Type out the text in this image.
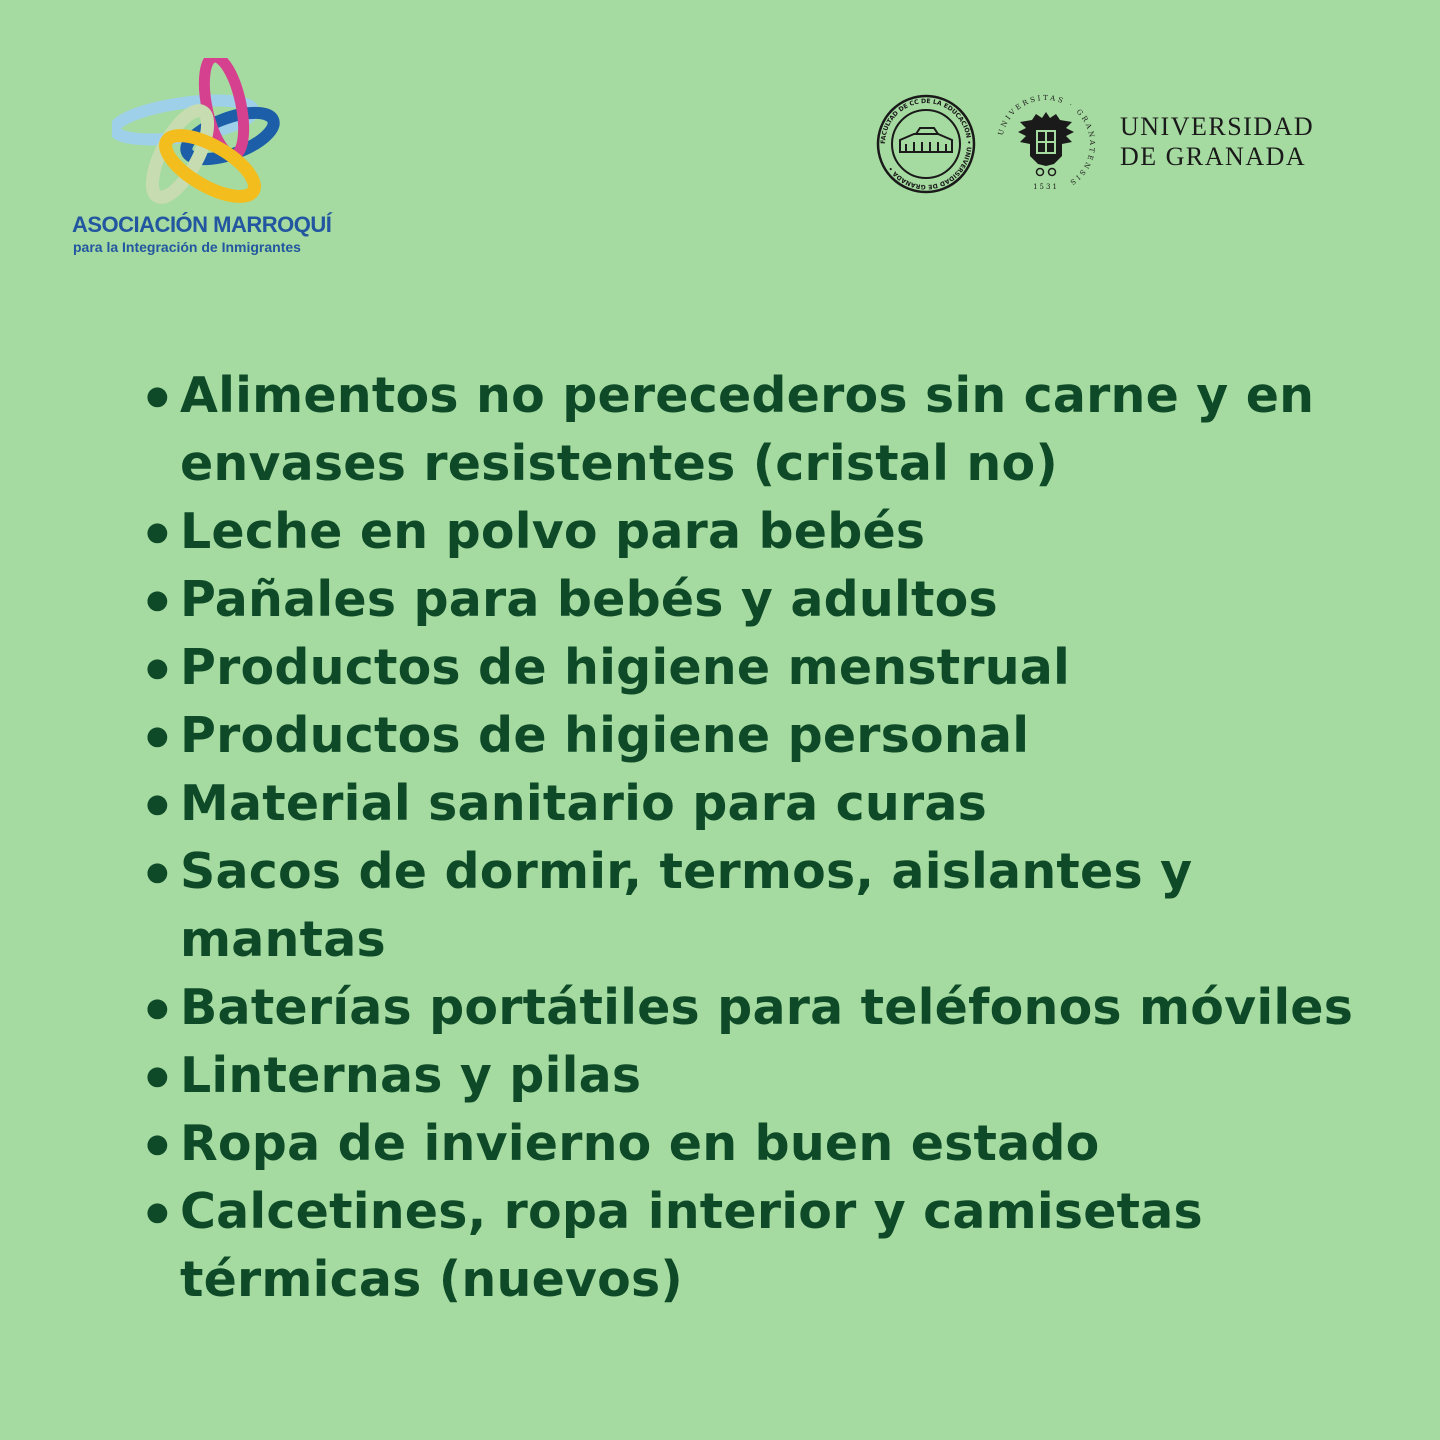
ASOCIACIÓN MARROQUÍ
para la Integración de Inmigrantes
FACULTAD DE CC DE LA EDUCACIÓN • UNIVERSIDAD DE GRANADA •
UNIVERSITAS · GRANATENSIS
1531
UNIVERSIDAD
DE GRANADA
● Alimentos no perecederos sin carne y en
envases resistentes (cristal no)
● Leche en polvo para bebés
● Pañales para bebés y adultos
● Productos de higiene menstrual
● Productos de higiene personal
● Material sanitario para curas
● Sacos de dormir, termos, aislantes y
mantas
● Baterías portátiles para teléfonos móviles
● Linternas y pilas
● Ropa de invierno en buen estado
● Calcetines, ropa interior y camisetas
térmicas (nuevos)
